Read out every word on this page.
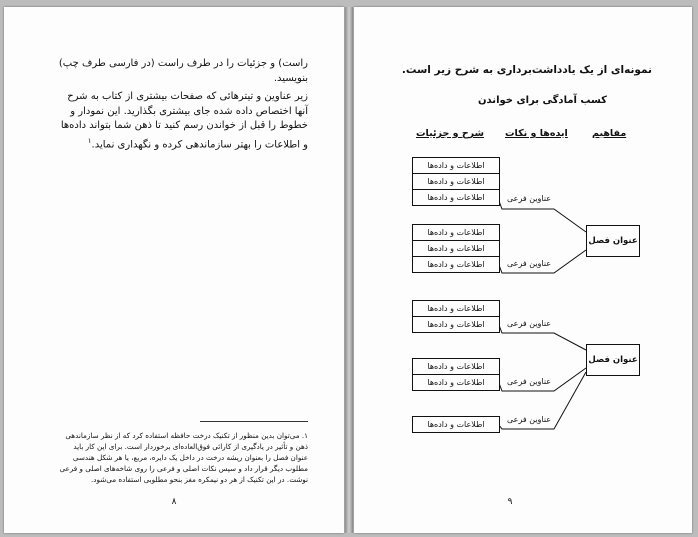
راست) و جزئیات را در طرف راست (در فارسی طرف چپ) بنویسید.
زیر عناوین و تیترهائی که صفحات بیشتری از کتاب به شرح آنها اختصاص داده شده جای بیشتری بگذارید. این نمودار و خطوط را قبل از خواندن رسم کنید تا ذهن شما بتواند داده‌ها و اطلاعات را بهتر سازماندهی کرده و نگهداری نماید.$^۱$
۱. می‌توان بدین منظور از تکنیک درخت حافظه استفاده کرد که از نظر سازماندهی ذهن و تأثیر در یادگیری از کارائی فوق‌العاده‌ای برخوردار است. برای این کار باید عنوان فصل را بعنوان ریشه درخت در داخل یک دایره، مربع، یا هر شکل هندسی مطلوب دیگر قرار داد و سپس نکات اصلی و فرعی را روی شاخه‌های اصلی و فرعی نوشت. در این تکنیک از هر دو نیمکره مغز بنحو مطلوبی استفاده می‌شود.
۸
نمونه‌ای از یک یادداشت‌برداری به شرح زیر است.
کسب آمادگی برای خواندن
شرح و جزئیات ایده‌ها و نکات	مفاهیم
اطلاعات و داده‌ها
اطلاعات و داده‌ها
اطلاعات و داده‌ها	عناوین فرعی
اطلاعات و داده‌ها
اطلاعات و داده‌ها
اطلاعات و داده‌ها	عناوین فرعی
عنوان فصل
اطلاعات و داده‌ها
اطلاعات و داده‌ها	عناوین فرعی
اطلاعات و داده‌ها
اطلاعات و داده‌ها	عناوین فرعی
عنوان فصل
اطلاعات و داده‌ها
عناوین فرعی
۹
